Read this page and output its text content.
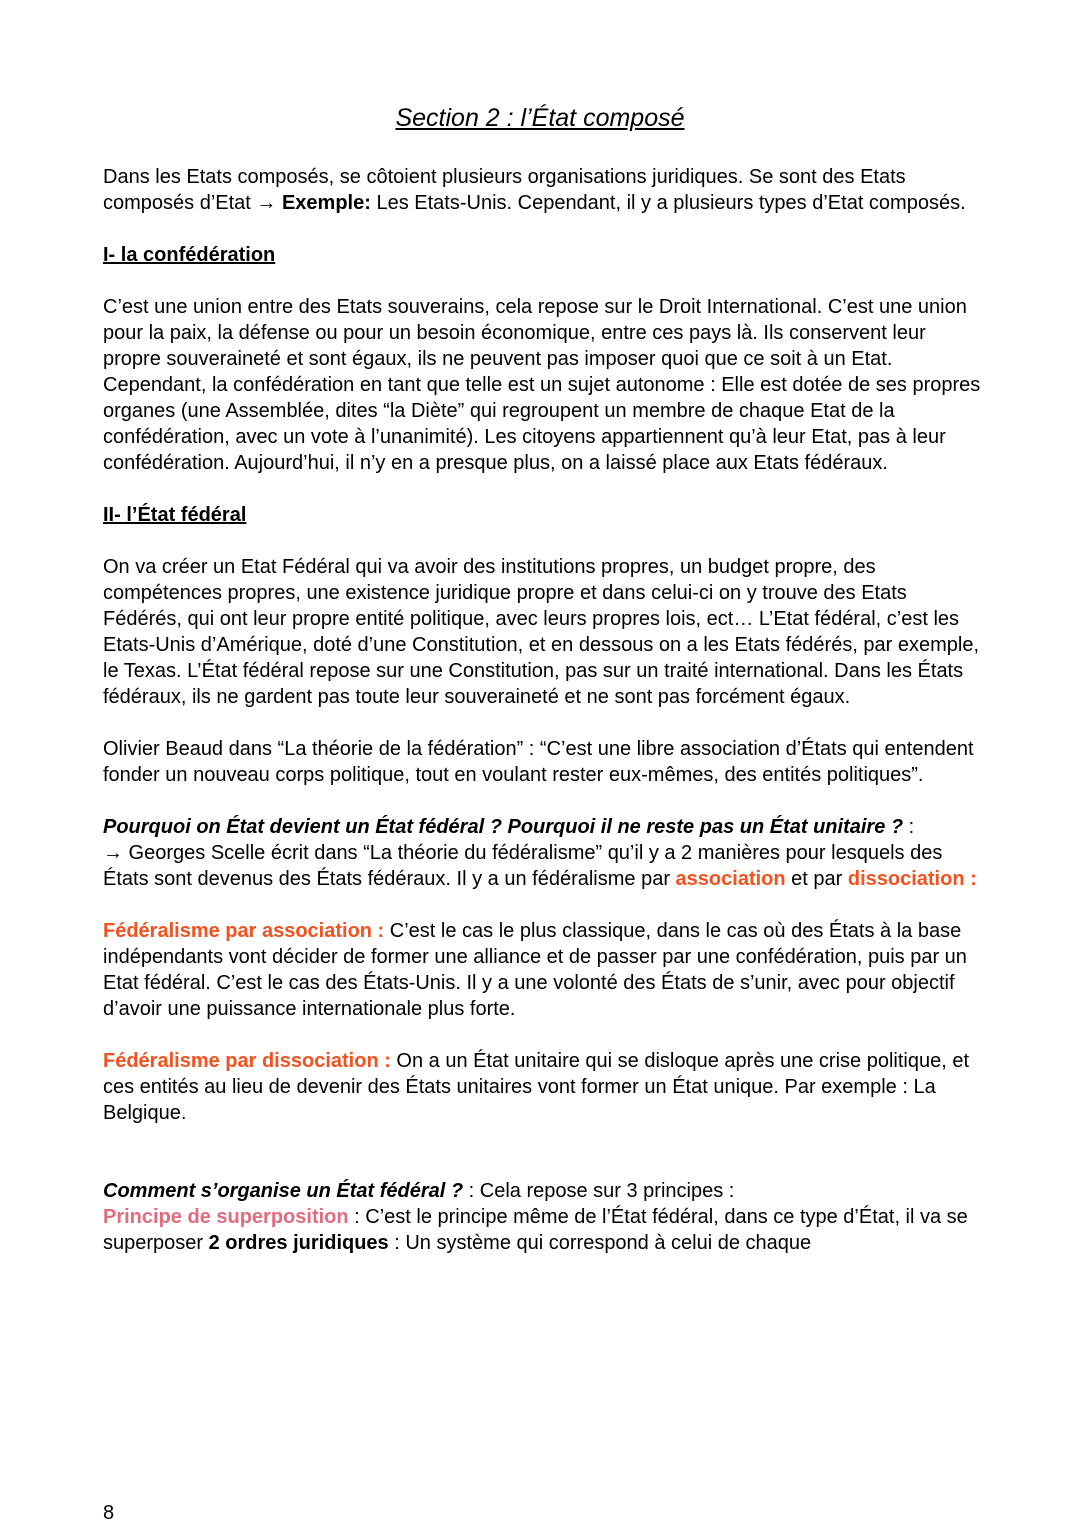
Section 2 : l’État composé

Dans les Etats composés, se côtoient plusieurs organisations juridiques. Se sont des Etats composés d’Etat → Exemple: Les Etats-Unis. Cependant, il y a plusieurs types d’Etat composés.

I- la confédération

C’est une union entre des Etats souverains, cela repose sur le Droit International. C’est une union pour la paix, la défense ou pour un besoin économique, entre ces pays là. Ils conservent leur propre souveraineté et sont égaux, ils ne peuvent pas imposer quoi que ce soit à un Etat. Cependant, la confédération en tant que telle est un sujet autonome : Elle est dotée de ses propres organes (une Assemblée, dites “la Diète” qui regroupent un membre de chaque Etat de la confédération, avec un vote à l’unanimité). Les citoyens appartiennent qu’à leur Etat, pas à leur confédération. Aujourd’hui, il n’y en a presque plus, on a laissé place aux Etats fédéraux.

II- l’État fédéral

On va créer un Etat Fédéral qui va avoir des institutions propres, un budget propre, des compétences propres, une existence juridique propre et dans celui-ci on y trouve des Etats Fédérés, qui ont leur propre entité politique, avec leurs propres lois, ect… L’Etat fédéral, c’est les Etats-Unis d’Amérique, doté d’une Constitution, et en dessous on a les Etats fédérés, par exemple, le Texas. L’État fédéral repose sur une Constitution, pas sur un traité international. Dans les États fédéraux, ils ne gardent pas toute leur souveraineté et ne sont pas forcément égaux.

Olivier Beaud dans “La théorie de la fédération” : “C’est une libre association d’États qui entendent fonder un nouveau corps politique, tout en voulant rester eux-mêmes, des entités politiques”.

Pourquoi on État devient un État fédéral ? Pourquoi il ne reste pas un État unitaire ? :
→ Georges Scelle écrit dans “La théorie du fédéralisme” qu’il y a 2 manières pour lesquels des États sont devenus des États fédéraux. Il y a un fédéralisme par association et par dissociation :

Fédéralisme par association : C’est le cas le plus classique, dans le cas où des États à la base indépendants vont décider de former une alliance et de passer par une confédération, puis par un Etat fédéral. C’est le cas des États-Unis. Il y a une volonté des États de s’unir, avec pour objectif d’avoir une puissance internationale plus forte.

Fédéralisme par dissociation : On a un État unitaire qui se disloque après une crise politique, et ces entités au lieu de devenir des États unitaires vont former un État unique. Par exemple : La Belgique.

Comment s’organise un État fédéral ? : Cela repose sur 3 principes :
Principe de superposition : C’est le principe même de l’État fédéral, dans ce type d’État, il va se superposer 2 ordres juridiques : Un système qui correspond à celui de chaque

8
